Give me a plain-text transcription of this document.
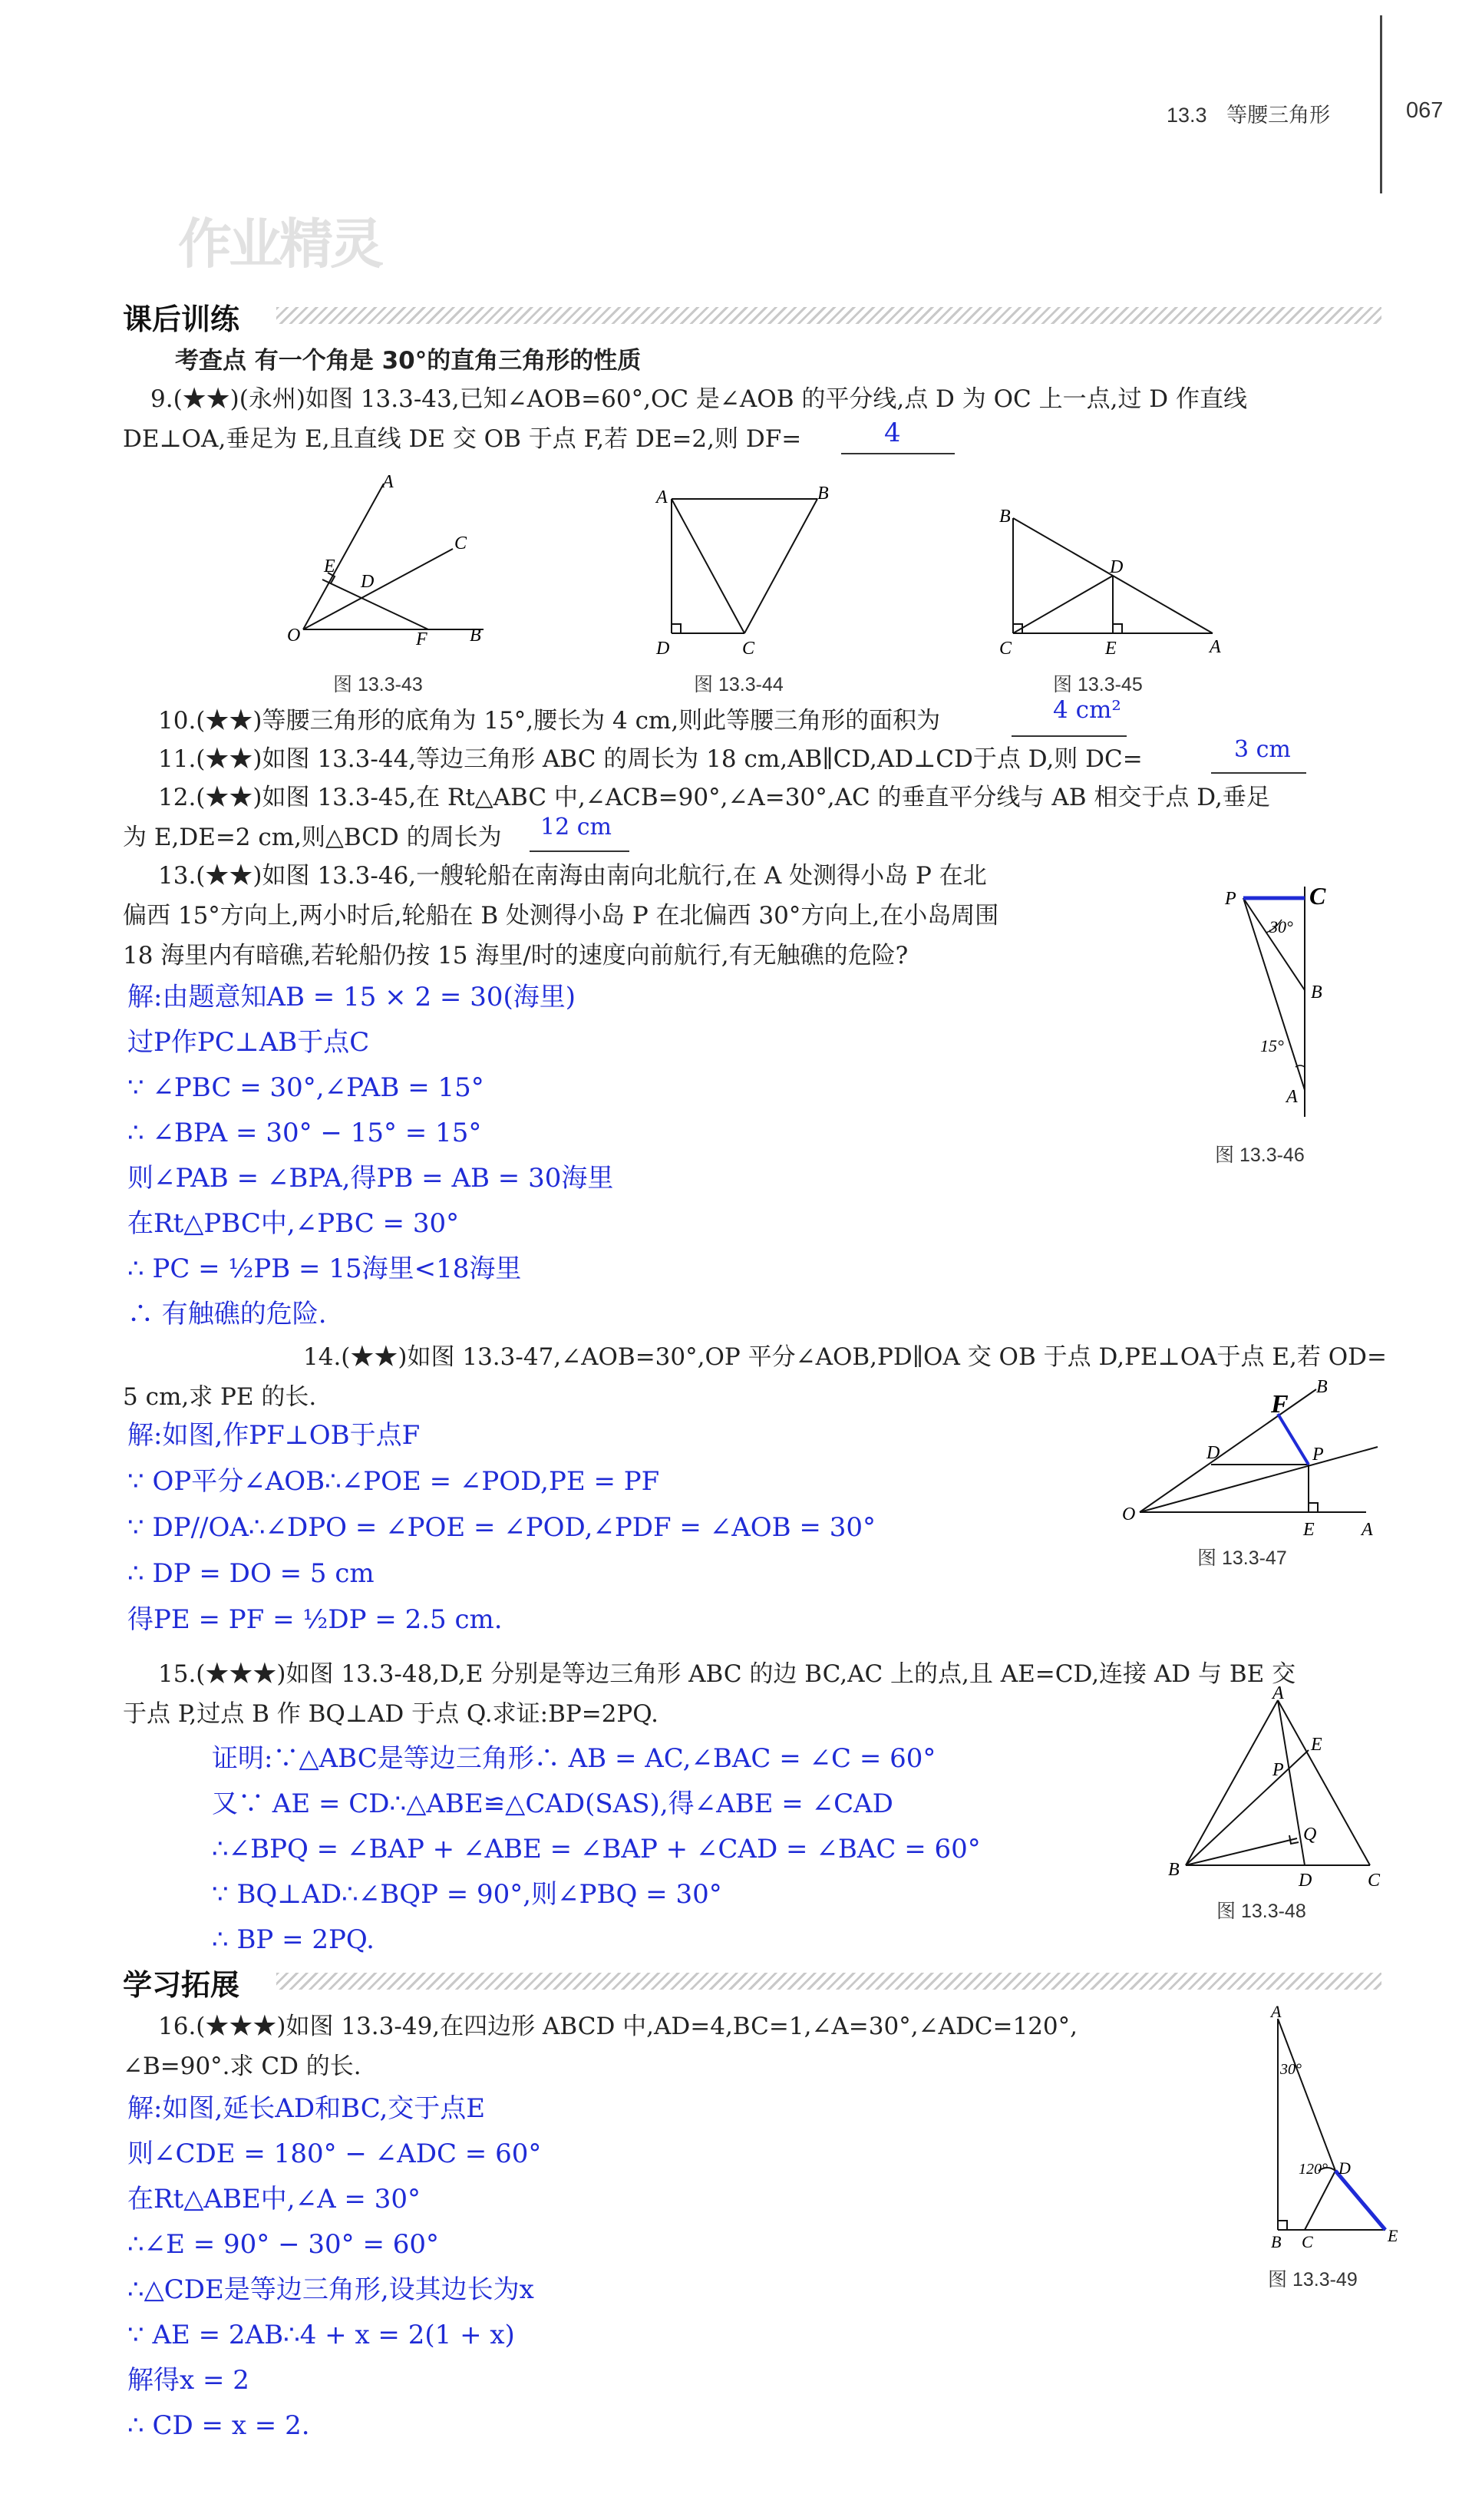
13.3 等腰三角形	067
作业精灵
课后训练
考查点 有一个角是 30°的直角三角形的性质
9.(★★)(永州)如图 13.3-43,已知∠AOB=60°,OC 是∠AOB 的平分线,点 D 为 OC 上一点,过 D 作直线
DE⊥OA,垂足为 E,且直线 DE 交 OB 于点 F,若 DE=2,则 DF=	4
A
C
E
D
O	F B
图 13.3-43
A	B
D	C
图 13.3-44
B
D
C	E	A
图 13.3-45
10.(★★)等腰三角形的底角为 15°,腰长为 4 cm,则此等腰三角形的面积为	4 cm²
11.(★★)如图 13.3-44,等边三角形 ABC 的周长为 18 cm,AB∥CD,AD⊥CD于点 D,则 DC=	3 cm
12.(★★)如图 13.3-45,在 Rt△ABC 中,∠ACB=90°,∠A=30°,AC 的垂直平分线与 AB 相交于点 D,垂足
为 E,DE=2 cm,则△BCD 的周长为 12 cm
13.(★★)如图 13.3-46,一艘轮船在南海由南向北航行,在 A 处测得小岛 P 在北
偏西 15°方向上,两小时后,轮船在 B 处测得小岛 P 在北偏西 30°方向上,在小岛周围
18 海里内有暗礁,若轮船仍按 15 海里/时的速度向前航行,有无触礁的危险?
解:由题意知AB = 15 × 2 = 30(海里)
过P作PC⊥AB于点C
∵ ∠PBC = 30°,∠PAB = 15°
∴ ∠BPA = 30° − 15° = 15°
则∠PAB = ∠BPA,得PB = AB = 30海里
在Rt△PBC中,∠PBC = 30°
∴ PC = ½PB = 15海里<18海里
∴ 有触礁的危险.
P	C
30°
B
15°
A
图 13.3-46
14.(★★)如图 13.3-47,∠AOB=30°,OP 平分∠AOB,PD∥OA 交 OB 于点 D,PE⊥OA于点 E,若 OD=
5 cm,求 PE 的长.
解:如图,作PF⊥OB于点F
∵ OP平分∠AOB∴∠POE = ∠POD,PE = PF
∵ DP//OA∴∠DPO = ∠POE = ∠POD,∠PDF = ∠AOB = 30°
∴ DP = DO = 5 cm
得PE = PF = ½DP = 2.5 cm.
B
F
D	P
O
E	A
图 13.3-47
15.(★★★)如图 13.3-48,D,E 分别是等边三角形 ABC 的边 BC,AC 上的点,且 AE=CD,连接 AD 与 BE 交
于点 P,过点 B 作 BQ⊥AD 于点 Q.求证:BP=2PQ.
证明:∵△ABC是等边三角形∴ AB = AC,∠BAC = ∠C = 60°
又∵ AE = CD∴△ABE≌△CAD(SAS),得∠ABE = ∠CAD
∴∠BPQ = ∠BAP + ∠ABE = ∠BAP + ∠CAD = ∠BAC = 60°
∵ BQ⊥AD∴∠BQP = 90°,则∠PBQ = 30°
∴ BP = 2PQ.
A
E
P
Q
B
D	C
图 13.3-48
学习拓展
16.(★★★)如图 13.3-49,在四边形 ABCD 中,AD=4,BC=1,∠A=30°,∠ADC=120°,
∠B=90°.求 CD 的长.
解:如图,延长AD和BC,交于点E
则∠CDE = 180° − ∠ADC = 60°
在Rt△ABE中,∠A = 30°
∴∠E = 90° − 30° = 60°
∴△CDE是等边三角形,设其边长为x
∵ AE = 2AB∴4 + x = 2(1 + x)
解得x = 2
∴ CD = x = 2.
A
30°
120° D
B C	E
图 13.3-49
